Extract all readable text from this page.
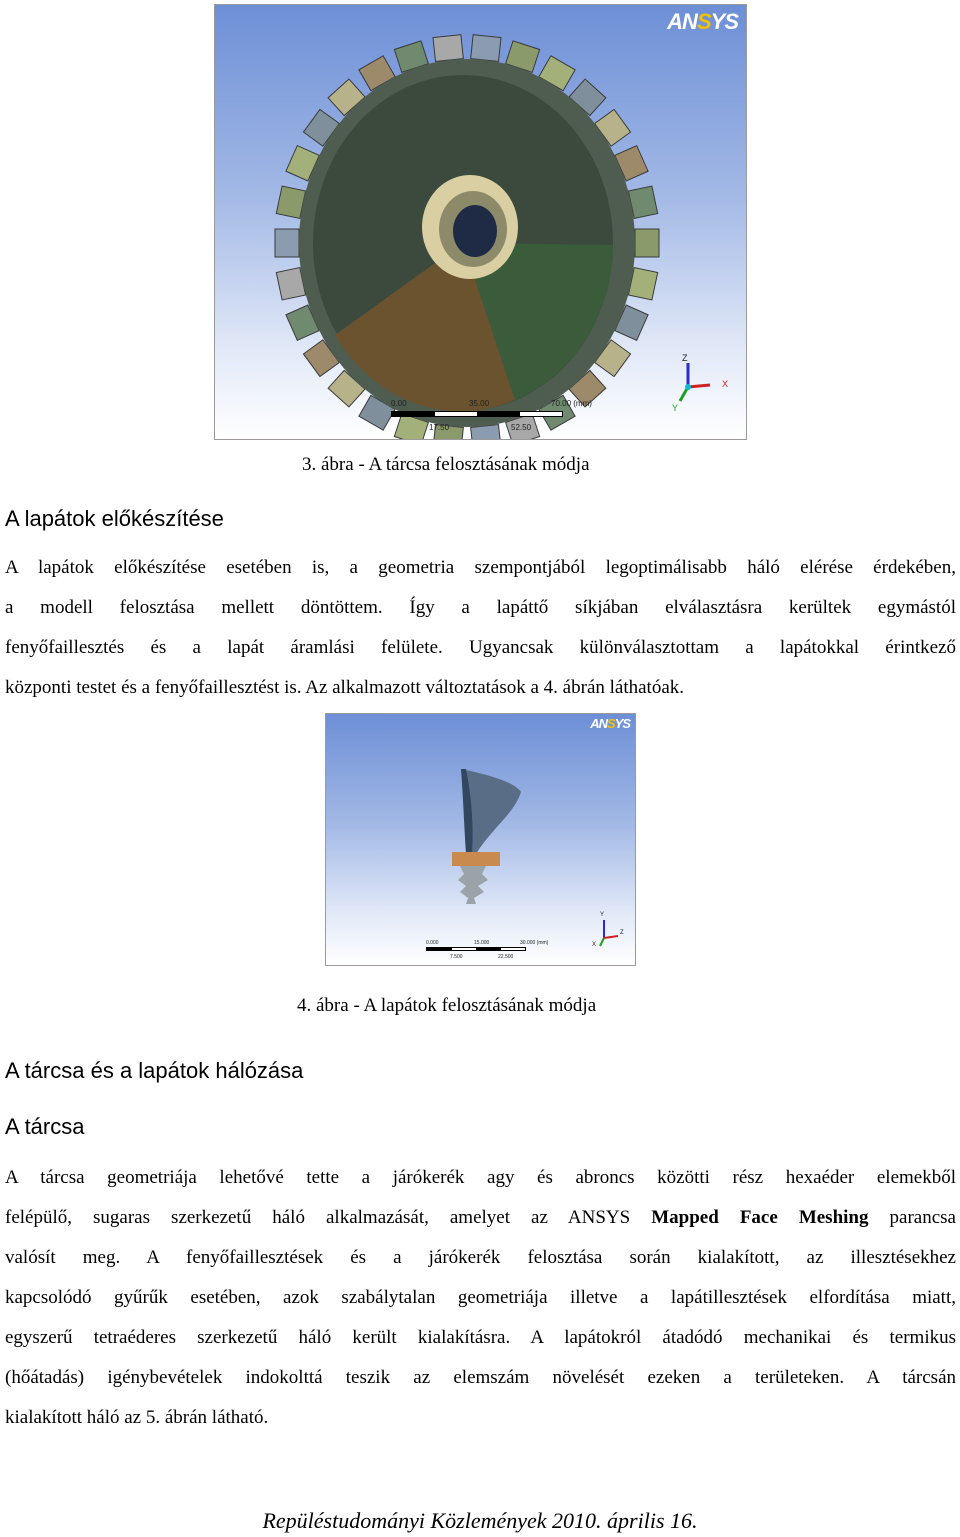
ANSYS
Z
X
Y
0.00	35.00	70.00 (mm)
17.50	52.50
3. ábra - A tárcsa felosztásának módja
A lapátok előkészítése
A lapátok előkészítése esetében is, a geometria szempontjából legoptimálisabb háló elérése érdekében,
a modell felosztása mellett döntöttem. Így a lapáttő síkjában elválasztásra kerültek egymástól
fenyőfaillesztés és a lapát áramlási felülete. Ugyancsak különválasztottam a lapátokkal érintkező
központi testet és a fenyőfaillesztést is. Az alkalmazott változtatások a 4. ábrán láthatóak.
ANSYS
Z
Y
X
0.000	15.000	30.000 (mm)
7.500	22.500
4. ábra - A lapátok felosztásának módja
A tárcsa és a lapátok hálózása
A tárcsa
A tárcsa geometriája lehetővé tette a járókerék agy és abroncs közötti rész hexaéder elemekből
felépülő, sugaras szerkezetű háló alkalmazását, amelyet az ANSYS Mapped Face Meshing parancsa
valósít meg. A fenyőfaillesztések és a járókerék felosztása során kialakított, az illesztésekhez
kapcsolódó gyűrűk esetében, azok szabálytalan geometriája illetve a lapátillesztések elfordítása miatt,
egyszerű tetraéderes szerkezetű háló került kialakításra. A lapátokról átadódó mechanikai és termikus
(hőátadás) igénybevételek indokolttá teszik az elemszám növelését ezeken a területeken. A tárcsán
kialakított háló az 5. ábrán látható.
Repüléstudományi Közlemények 2010. április 16.
